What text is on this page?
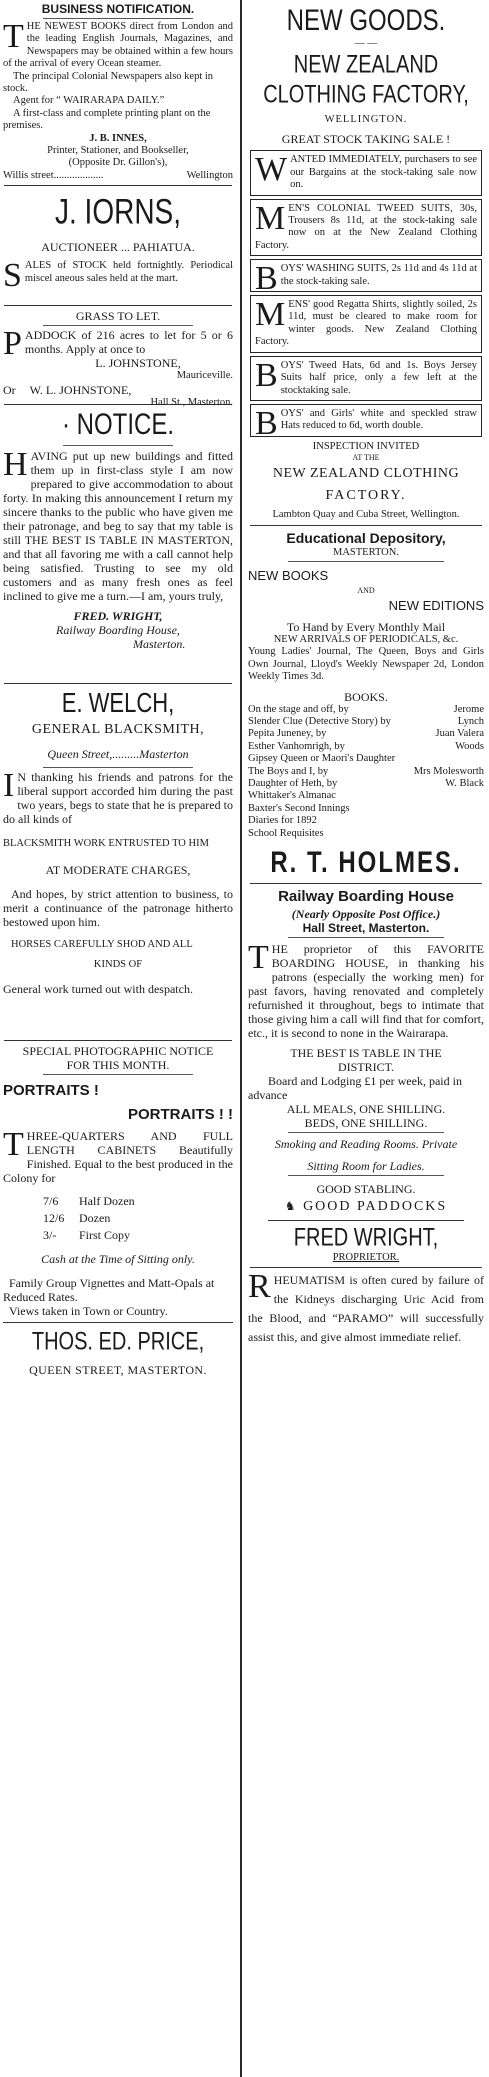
BUSINESS NOTIFICATION.

THE NEWEST BOOKS direct from London and the leading English Journals, Magazines, and Newspapers may be obtained within a few hours of the arrival of every Ocean steamer.

The principal Colonial Newspapers also kept in stock.

Agent for “ WAIRARAPA DAILY.”

A first-class and complete printing plant on the premises.

J. B. INNES,

Printer, Stationer, and Bookseller,

(Opposite Dr. Gillon's),

Willis street...................	Wellington

J. IORNS,

AUCTIONEER ... PAHIATUA.

SALES of STOCK held fortnightly. Periodical miscel aneous sales held at the mart.

GRASS TO LET.

PADDOCK of 216 acres to let for 5 or 6 months. Apply at once to

L. JOHNSTONE,

Mauriceville.

Or W. L. JOHNSTONE,

Hall St., Masterton.

· NOTICE.

HAVING put up new buildings and fitted them up in first-class style I am now prepared to give accommodation to about forty. In making this announcement I return my sincere thanks to the public who have given me their patronage, and beg to say that my table is still THE BEST IS TABLE IN MASTERTON, and that all favoring me with a call cannot help being satisfied. Trusting to see my old customers and as many fresh ones as feel inclined to give me a turn.—I am, yours truly,

FRED. WRIGHT,

Railway Boarding House,

Masterton.

E. WELCH,

GENERAL BLACKSMITH,

Queen Street,......... Masterton

I N thanking his friends and patrons for the liberal support accorded him during the past two years, begs to state that he is prepared to do all kinds of

BLACKSMITH WORK ENTRUSTED TO HIM

AT MODERATE CHARGES,

And hopes, by strict attention to business, to merit a continuance of the patronage hitherto bestowed upon him.

HORSES CAREFULLY SHOD AND ALL

KINDS OF

General work turned out with despatch.

SPECIAL PHOTOGRAPHIC NOTICE

FOR THIS MONTH.

PORTRAITS !

PORTRAITS ! !

THREE-QUARTERS AND FULL LENGTH CABINETS Beautifully Finished. Equal to the best produced in the Colony for

7/6	Half Dozen
12/6	Dozen
3/-	First Copy

Cash at the Time of Sitting only.

Family Group Vignettes and Matt-Opals at Reduced Rates.

Views taken in Town or Country.

THOS. ED. PRICE,

QUEEN STREET, MASTERTON.

NEW GOODS.

— —

NEW ZEALAND

CLOTHING FACTORY,

WELLINGTON.

GREAT STOCK TAKING SALE !

WANTED IMMEDIATELY, purchasers to see our Bargains at the stock-taking sale now on.
MEN'S COLONIAL TWEED SUITS, 30s, Trousers 8s 11d, at the stock-taking sale now on at the New Zealand Clothing Factory.
BOYS' WASHING SUITS, 2s 11d and 4s 11d at the stock-taking sale.
MENS' good Regatta Shirts, slightly soiled, 2s 11d, must be cleared to make room for winter goods. New Zealand Clothing Factory.
BOYS' Tweed Hats, 6d and 1s. Boys Jersey Suits half price, only a few left at the stocktaking sale.
BOYS' and Girls' white and speckled straw Hats reduced to 6d, worth double.

INSPECTION INVITED

AT THE

NEW ZEALAND CLOTHING

FACTORY.

Lambton Quay and Cuba Street, Wellington.

Educational Depository,

MASTERTON.

NEW BOOKS

AND

NEW EDITIONS

To Hand by Every Monthly Mail

NEW ARRIVALS OF PERIODICALS, &c.

Young Ladies' Journal, The Queen, Boys and Girls Own Journal, Lloyd's Weekly Newspaper 2d, London Weekly Times 3d.

BOOKS.

On the stage and off, by	Jerome
Slender Clue (Detective Story) by	Lynch
Pepita Juneney, by	Juan Valera
Esther Vanhomrigh, by	Woods
Gipsey Queen or Maori's Daughter
The Boys and I, by	Mrs Molesworth
Daughter of Heth, by	W. Black
Whittaker's Almanac
Baxter's Second Innings
Diaries for 1892
School Requisites

R. T. HOLMES.

Railway Boarding House

(Nearly Opposite Post Office.)

Hall Street, Masterton.

THE proprietor of this FAVORITE BOARDING HOUSE, in thanking his patrons (especially the working men) for past favors, having renovated and completely refurnished it throughout, begs to intimate that those giving him a call will find that for comfort, etc., it is second to none in the Wairarapa.

THE BEST IS TABLE IN THE

DISTRICT.

Board and Lodging £1 per week, paid in advance

ALL MEALS, ONE SHILLING.

BEDS, ONE SHILLING.

Smoking and Reading Rooms. Private

Sitting Room for Ladies.

GOOD STABLING.

♞ GOOD PADDOCKS

FRED WRIGHT,

PROPRIETOR.

RHEUMATISM is often cured by failure of the Kidneys discharging Uric Acid from the Blood, and “PARAMO” will successfully assist this, and give almost immediate relief.
